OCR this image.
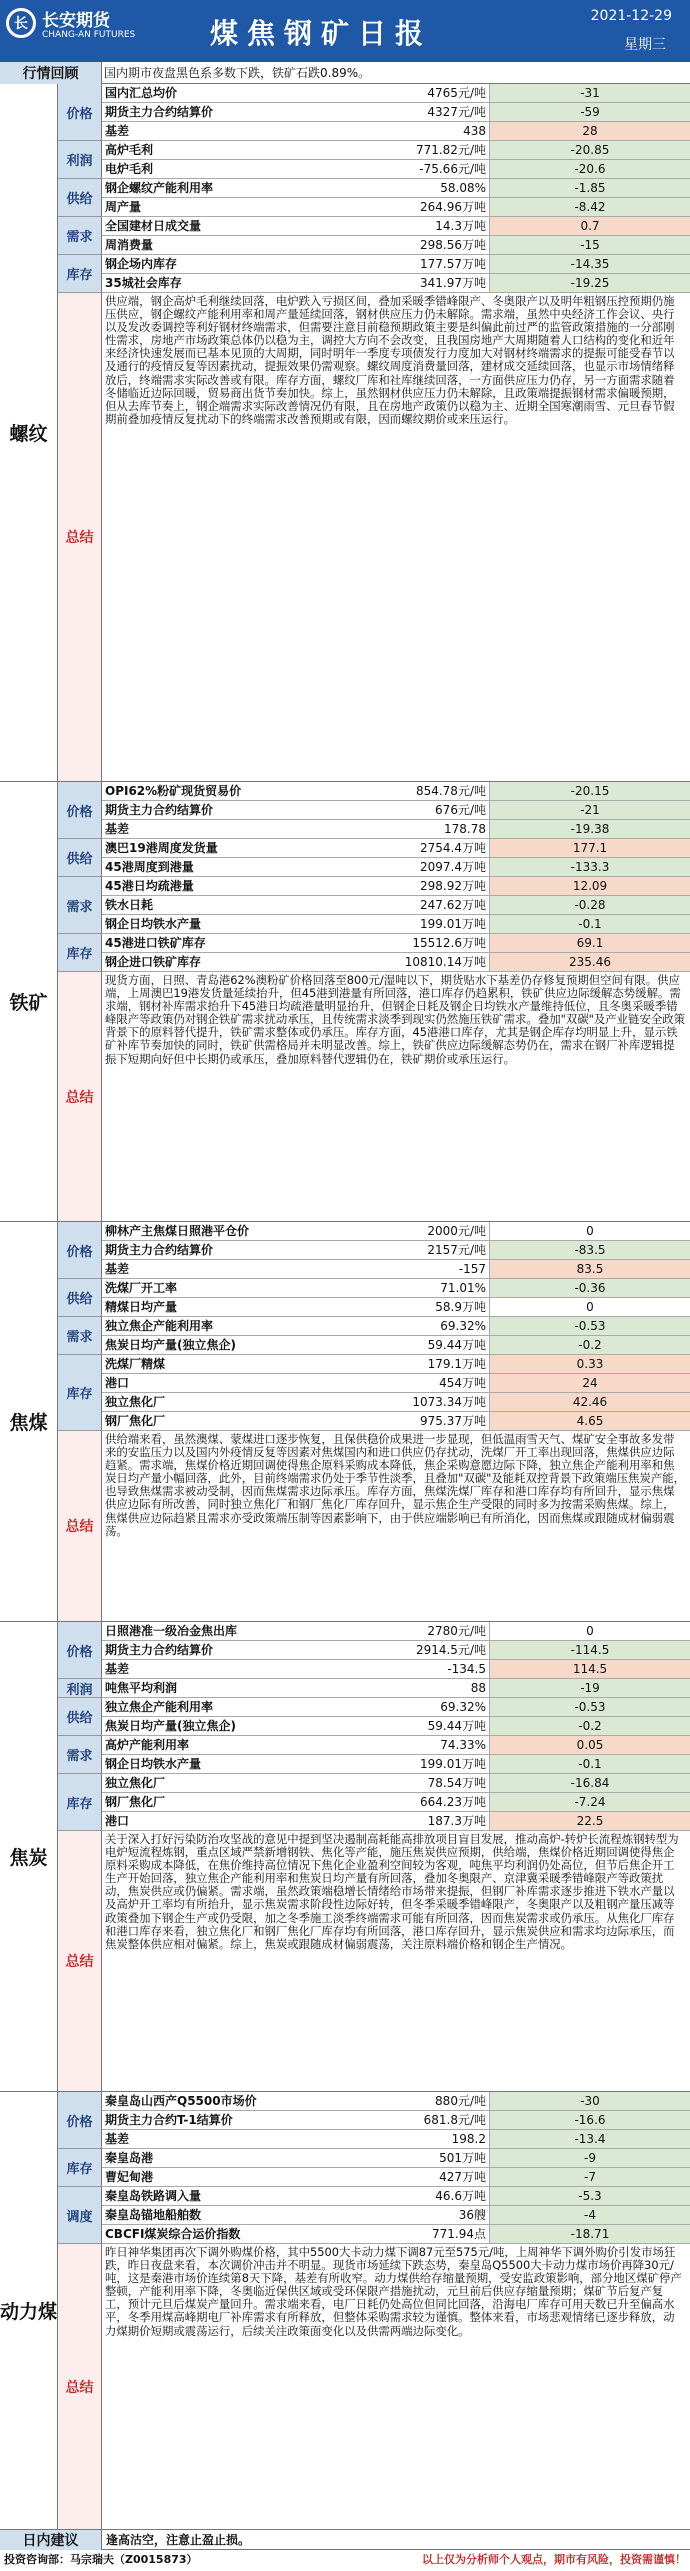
长 长安期货
CHANG-AN FUTURES	煤焦钢矿日报
2021-12-29
星期三
行情回顾	国内期市夜盘黑色系多数下跌，铁矿石跌0.89%。
螺纹
国内汇总均价	4765元/吨	-31
期货主力合约结算价	4327元/吨	-59
基差	438	28
价格
高炉毛利	771.82元/吨	-20.85
电炉毛利	-75.66元/吨	-20.6
利润
钢企螺纹产能利用率	58.08%	-1.85
周产量	264.96万吨	-8.42
供给
全国建材日成交量	14.3万吨	0.7
周消费量	298.56万吨	-15
需求
钢企场内库存	177.57万吨	-14.35
35城社会库存	341.97万吨	-19.25
库存
总结
供应端，钢企高炉毛利继续回落，电炉跌入亏损区间，叠加采暖季错峰限产、冬奥限产以及明年粗钢压控预期仍施压供应，钢企螺纹产能利用率和周产量延续回落，钢材供应压力仍未解除。需求端，虽然中央经济工作会议、央行以及发改委调控等利好钢材终端需求，但需要注意目前稳预期政策主要是纠偏此前过严的监管政策措施的一分部刚性需求，房地产市场政策总体仍以稳为主，调控大方向不会改变，且我国房地产大周期随着人口结构的变化和近年来经济快速发展而已基本见顶的大周期，同时明年一季度专项债发行力度加大对钢材终端需求的提振可能受春节以及通行的疫情反复等因素扰动，提振效果仍需观察。螺纹周度消费量回落，建材成交延续回落，也显示市场情绪释放后，终端需求实际改善或有限。库存方面，螺纹厂库和社库继续回落，一方面供应压力仍存，另一方面需求随着冬储临近边际回暖，贸易商出货节奏加快。综上，虽然钢材供应压力仍未解除，且政策端提振钢材需求偏暖预期，但从去库节奏上，钢企端需求实际改善情况仍有限，且在房地产政策仍以稳为主、近期全国寒潮雨雪、元旦春节假期前叠加疫情反复扰动下的终端需求改善预期或有限，因而螺纹期价或来压运行。
铁矿
OPI62%粉矿现货贸易价	854.78元/吨	-20.15
期货主力合约结算价	676元/吨	-21
基差	178.78	-19.38
价格
澳巴19港周度发货量	2754.4万吨	177.1
45港周度到港量	2097.4万吨	-133.3
供给
45港日均疏港量	298.92万吨	12.09
铁水日耗	247.62万吨	-0.28
钢企日均铁水产量	199.01万吨	-0.1
需求
45港进口铁矿库存	15512.6万吨	69.1
钢企进口铁矿库存	10810.14万吨	235.46
库存
总结
现货方面，日照、青岛港62%澳粉矿价格回落至800元/湿吨以下，期货贴水下基差仍存修复预期但空间有限。供应端，上周澳巴19港发货量延续抬升，但45港到港量有所回落，港口库存仍趋累积，铁矿供应边际缓解态势缓解。需求端，钢材补库需求抬升下45港日均疏港量明显抬升，但钢企日耗及钢企日均铁水产量维持低位，且冬奥采暖季错峰限产等政策仍对钢企铁矿需求扰动承压，且传统需求淡季到现实仍然施压铁矿需求。叠加"双碳"及产业链安全政策背景下的原料替代提升，铁矿需求整体或仍承压。库存方面，45港港口库存，尤其是钢企库存均明显上升，显示铁矿补库节奏加快的同时，铁矿供需格局并未明显改善。综上，铁矿供应边际缓解态势仍在，需求在钢厂补库逻辑提振下短期向好但中长期仍或承压，叠加原料替代逻辑仍在，铁矿期价或承压运行。
焦煤
柳林产主焦煤日照港平仓价	2000元/吨	0
期货主力合约结算价	2157元/吨	-83.5
基差	-157	83.5
价格
洗煤厂开工率	71.01%	-0.36
精煤日均产量	58.9万吨	0
供给
独立焦企产能利用率	69.32%	-0.53
焦炭日均产量(独立焦企)	59.44万吨	-0.2
需求
洗煤厂精煤	179.1万吨	0.33
港口	454万吨	24
独立焦化厂	1073.34万吨	42.46
钢厂焦化厂	975.37万吨	4.65
库存
总结
供给端来看，虽然澳煤、蒙煤进口逐步恢复，且保供稳价成果进一步显现，但低温雨雪天气、煤矿安全事故多发带来的安监压力以及国内外疫情反复等因素对焦煤国内和进口供应仍存扰动，洗煤厂开工率出现回落，焦煤供应边际趋紧。需求端，焦煤价格近期回调使得焦企原料采购成本降低，焦企采购意愿边际下降，独立焦企产能利用率和焦炭日均产量小幅回落，此外，目前终端需求仍处于季节性淡季，且叠加"双碳"及能耗双控背景下政策端压焦炭产能，也导致焦煤需求被动受制，因而焦煤需求边际承压。库存方面，焦煤洗煤厂库存和港口库存均有所回升，显示焦煤供应边际有所改善，同时独立焦化厂和钢厂焦化厂库存回升，显示焦企生产受限的同时多为按需采购焦煤。综上，焦煤供应边际趋紧且需求亦受政策端压制等因素影响下，由于供应端影响已有所消化，因而焦煤或跟随成材偏弱震荡。
焦炭
日照港准一级冶金焦出库	2780元/吨	0
期货主力合约结算价	2914.5元/吨	-114.5
基差	-134.5	114.5
价格
吨焦平均利润	88	-19
利润
独立焦企产能利用率	69.32%	-0.53
焦炭日均产量(独立焦企)	59.44万吨	-0.2
供给
高炉产能利用率	74.33%	0.05
钢企日均铁水产量	199.01万吨	-0.1
需求
独立焦化厂	78.54万吨	-16.84
钢厂焦化厂	664.23万吨	-7.24
港口	187.3万吨	22.5
库存
总结
关于深入打好污染防治攻坚战的意见中提到坚决遏制高耗能高排放项目盲目发展，推动高炉-转炉长流程炼钢转型为电炉短流程炼钢，重点区域严禁新增钢铁、焦化等产能，施压焦炭供应预期，供给端，焦煤价格近期回调使得焦企原料采购成本降低，在焦价维持高位情况下焦化企业盈利空间较为客观，吨焦平均利润仍处高位，但节后焦企开工生产开始回落，独立焦企产能利用率和焦炭日均产量有所回落，叠加冬奥限产、京津冀采暖季错峰限产等政策扰动，焦炭供应或仍偏紧。需求端，虽然政策端稳增长情绪给市场带来提振，但钢厂补库需求逐步推进下铁水产量以及高炉开工率均有所抬升，显示焦炭需求阶段性边际好转，但冬季采暖季错峰限产，冬奥限产以及粗钢产量压减等政策叠加下钢企生产或仍受限，加之冬季施工淡季终端需求可能有所回落，因而焦炭需求或仍承压。从焦化厂库存和港口库存来看，独立焦化厂和钢厂焦化厂库存均有所回落，港口库存回升，显示焦炭供应和需求均边际承压，而焦炭整体供应相对偏紧。综上，焦炭或跟随成材偏弱震荡，关注原料端价格和钢企生产情况。
动力煤
秦皇岛山西产Q5500市场价	880元/吨	-30
期货主力合约T-1结算价	681.8元/吨	-16.6
基差	198.2	-13.4
价格
秦皇岛港	501万吨	-9
曹妃甸港	427万吨	-7
库存
秦皇岛铁路调入量	46.6万吨	-5.3
秦皇岛锚地船舶数	36艘	-4
CBCFI煤炭综合运价指数	771.94点	-18.71
调度
总结
昨日神华集团再次下调外购煤价格，其中5500大卡动力煤下调87元至575元/吨，上周神华下调外购价引发市场狂跌，昨日夜盘来看，本次调价冲击并不明显。现货市场延续下跌态势，秦皇岛Q5500大卡动力煤市场价再降30元/吨，这是秦港市场价连续第8天下降，基差有所收窄。动力煤供给存缩量预期，受安监政策影响，部分地区煤矿停产整顿，产能利用率下降，冬奥临近保供区域或受环保限产措施扰动，元旦前后供应存缩量预期；煤矿节后复产复工，预计元旦后煤炭产量回升。需求端来看，电厂日耗仍处高位但同比回落，沿海电厂库存可用天数已升至偏高水平，冬季用煤高峰期电厂补库需求有所释放，但整体采购需求较为谨慎。整体来看，市场悲观情绪已逐步释放，动力煤期价短期或震荡运行，后续关注政策面变化以及供需两端边际变化。
日内建议	逢高沽空，注意止盈止损。
投资咨询部：马宗瑞夫（Z0015873）	以上仅为分析师个人观点，期市有风险，投资需谨慎！
